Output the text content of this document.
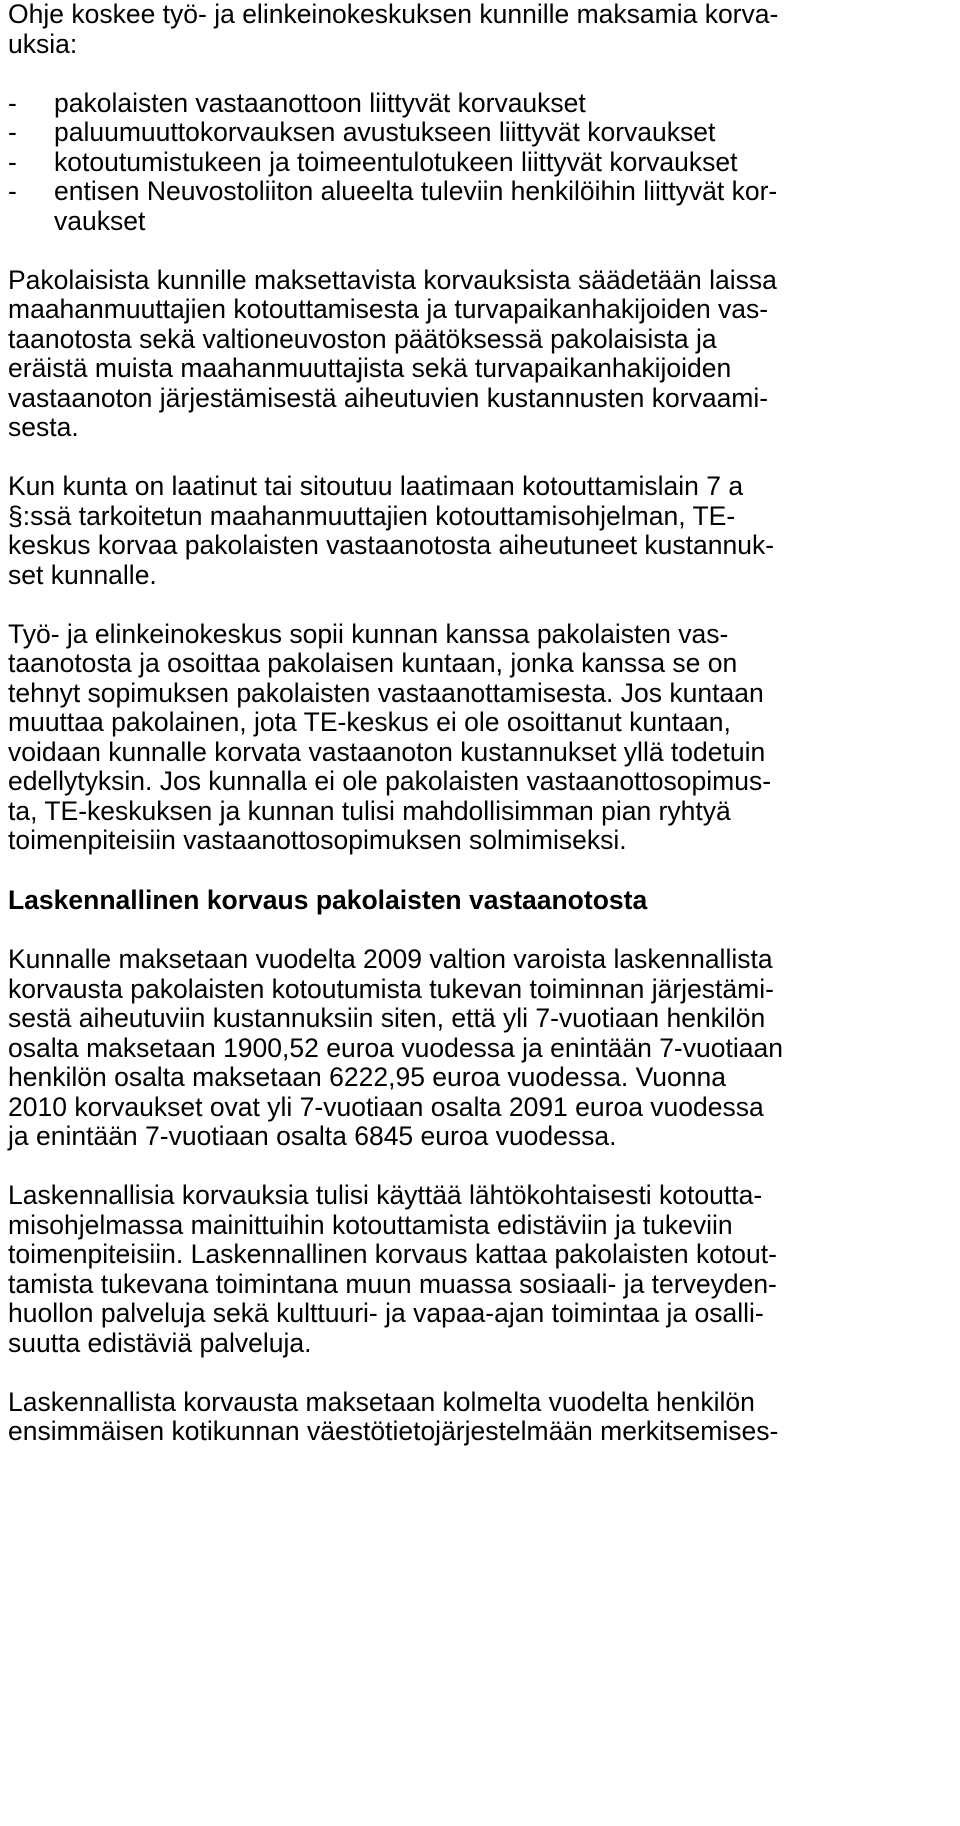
Ohje koskee työ- ja elinkeinokeskuksen kunnille maksamia korva-
uksia:
-	pakolaisten vastaanottoon liittyvät korvaukset
-	paluumuuttokorvauksen avustukseen liittyvät korvaukset
-	kotoutumistukeen ja toimeentulotukeen liittyvät korvaukset
-	entisen Neuvostoliiton alueelta tuleviin henkilöihin liittyvät kor-
vaukset
Pakolaisista kunnille maksettavista korvauksista säädetään laissa
maahanmuuttajien kotouttamisesta ja turvapaikanhakijoiden vas-
taanotosta sekä valtioneuvoston päätöksessä pakolaisista ja
eräistä muista maahanmuuttajista sekä turvapaikanhakijoiden
vastaanoton järjestämisestä aiheutuvien kustannusten korvaami-
sesta.
Kun kunta on laatinut tai sitoutuu laatimaan kotouttamislain 7 a
§:ssä tarkoitetun maahanmuuttajien kotouttamisohjelman, TE-
keskus korvaa pakolaisten vastaanotosta aiheutuneet kustannuk-
set kunnalle.
Työ- ja elinkeinokeskus sopii kunnan kanssa pakolaisten vas-
taanotosta ja osoittaa pakolaisen kuntaan, jonka kanssa se on
tehnyt sopimuksen pakolaisten vastaanottamisesta. Jos kuntaan
muuttaa pakolainen, jota TE-keskus ei ole osoittanut kuntaan,
voidaan kunnalle korvata vastaanoton kustannukset yllä todetuin
edellytyksin. Jos kunnalla ei ole pakolaisten vastaanottosopimus-
ta, TE-keskuksen ja kunnan tulisi mahdollisimman pian ryhtyä
toimenpiteisiin vastaanottosopimuksen solmimiseksi.
Laskennallinen korvaus pakolaisten vastaanotosta
Kunnalle maksetaan vuodelta 2009 valtion varoista laskennallista
korvausta pakolaisten kotoutumista tukevan toiminnan järjestämi-
sestä aiheutuviin kustannuksiin siten, että yli 7-vuotiaan henkilön
osalta maksetaan 1900,52 euroa vuodessa ja enintään 7-vuotiaan
henkilön osalta maksetaan 6222,95 euroa vuodessa. Vuonna
2010 korvaukset ovat yli 7-vuotiaan osalta 2091 euroa vuodessa
ja enintään 7-vuotiaan osalta 6845 euroa vuodessa.
Laskennallisia korvauksia tulisi käyttää lähtökohtaisesti kotoutta-
misohjelmassa mainittuihin kotouttamista edistäviin ja tukeviin
toimenpiteisiin. Laskennallinen korvaus kattaa pakolaisten kotout-
tamista tukevana toimintana muun muassa sosiaali- ja terveyden-
huollon palveluja sekä kulttuuri- ja vapaa-ajan toimintaa ja osalli-
suutta edistäviä palveluja.
Laskennallista korvausta maksetaan kolmelta vuodelta henkilön
ensimmäisen kotikunnan väestötietojärjestelmään merkitsemises-
